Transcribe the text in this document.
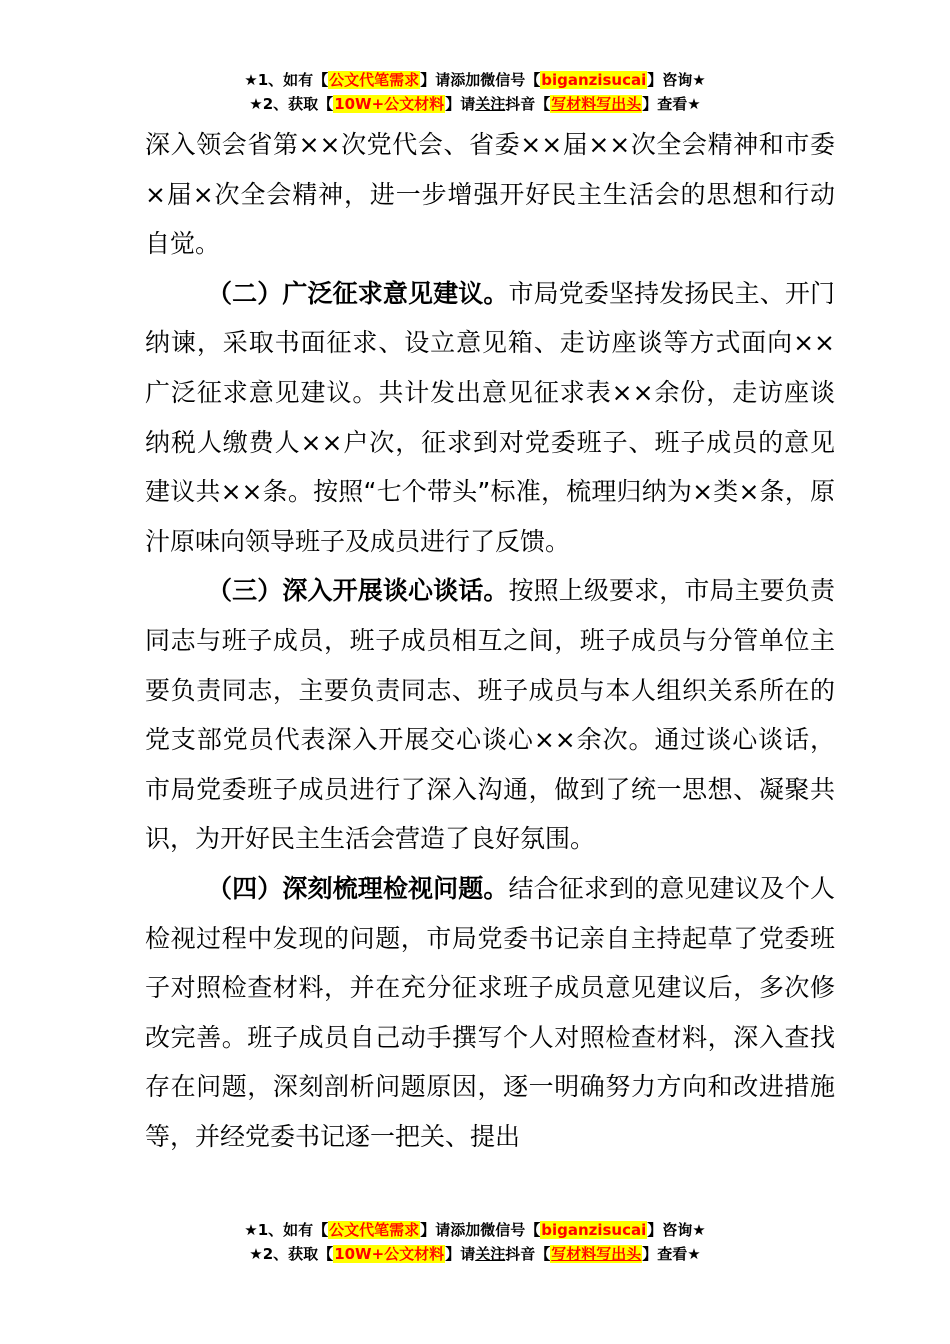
★1、如有【公文代笔需求】请添加微信号【biganzisucai】咨询★
★2、获取【10W+公文材料】请关注抖音【写材料写出头】查看★

深入领会省第××次党代会、省委××届××次全会精神和市委×届×次全会精神，进一步增强开好民主生活会的思想和行动自觉。

（二）广泛征求意见建议。市局党委坚持发扬民主、开门纳谏，采取书面征求、设立意见箱、走访座谈等方式面向××广泛征求意见建议。共计发出意见征求表××余份，走访座谈纳税人缴费人××户次，征求到对党委班子、班子成员的意见建议共××条。按照“七个带头”标准，梳理归纳为×类×条，原汁原味向领导班子及成员进行了反馈。

（三）深入开展谈心谈话。按照上级要求，市局主要负责同志与班子成员，班子成员相互之间，班子成员与分管单位主要负责同志，主要负责同志、班子成员与本人组织关系所在的党支部党员代表深入开展交心谈心××余次。通过谈心谈话，市局党委班子成员进行了深入沟通，做到了统一思想、凝聚共识，为开好民主生活会营造了良好氛围。

（四）深刻梳理检视问题。结合征求到的意见建议及个人检视过程中发现的问题，市局党委书记亲自主持起草了党委班子对照检查材料，并在充分征求班子成员意见建议后，多次修改完善。班子成员自己动手撰写个人对照检查材料，深入查找存在问题，深刻剖析问题原因，逐一明确努力方向和改进措施等，并经党委书记逐一把关、提出

★1、如有【公文代笔需求】请添加微信号【biganzisucai】咨询★
★2、获取【10W+公文材料】请关注抖音【写材料写出头】查看★
